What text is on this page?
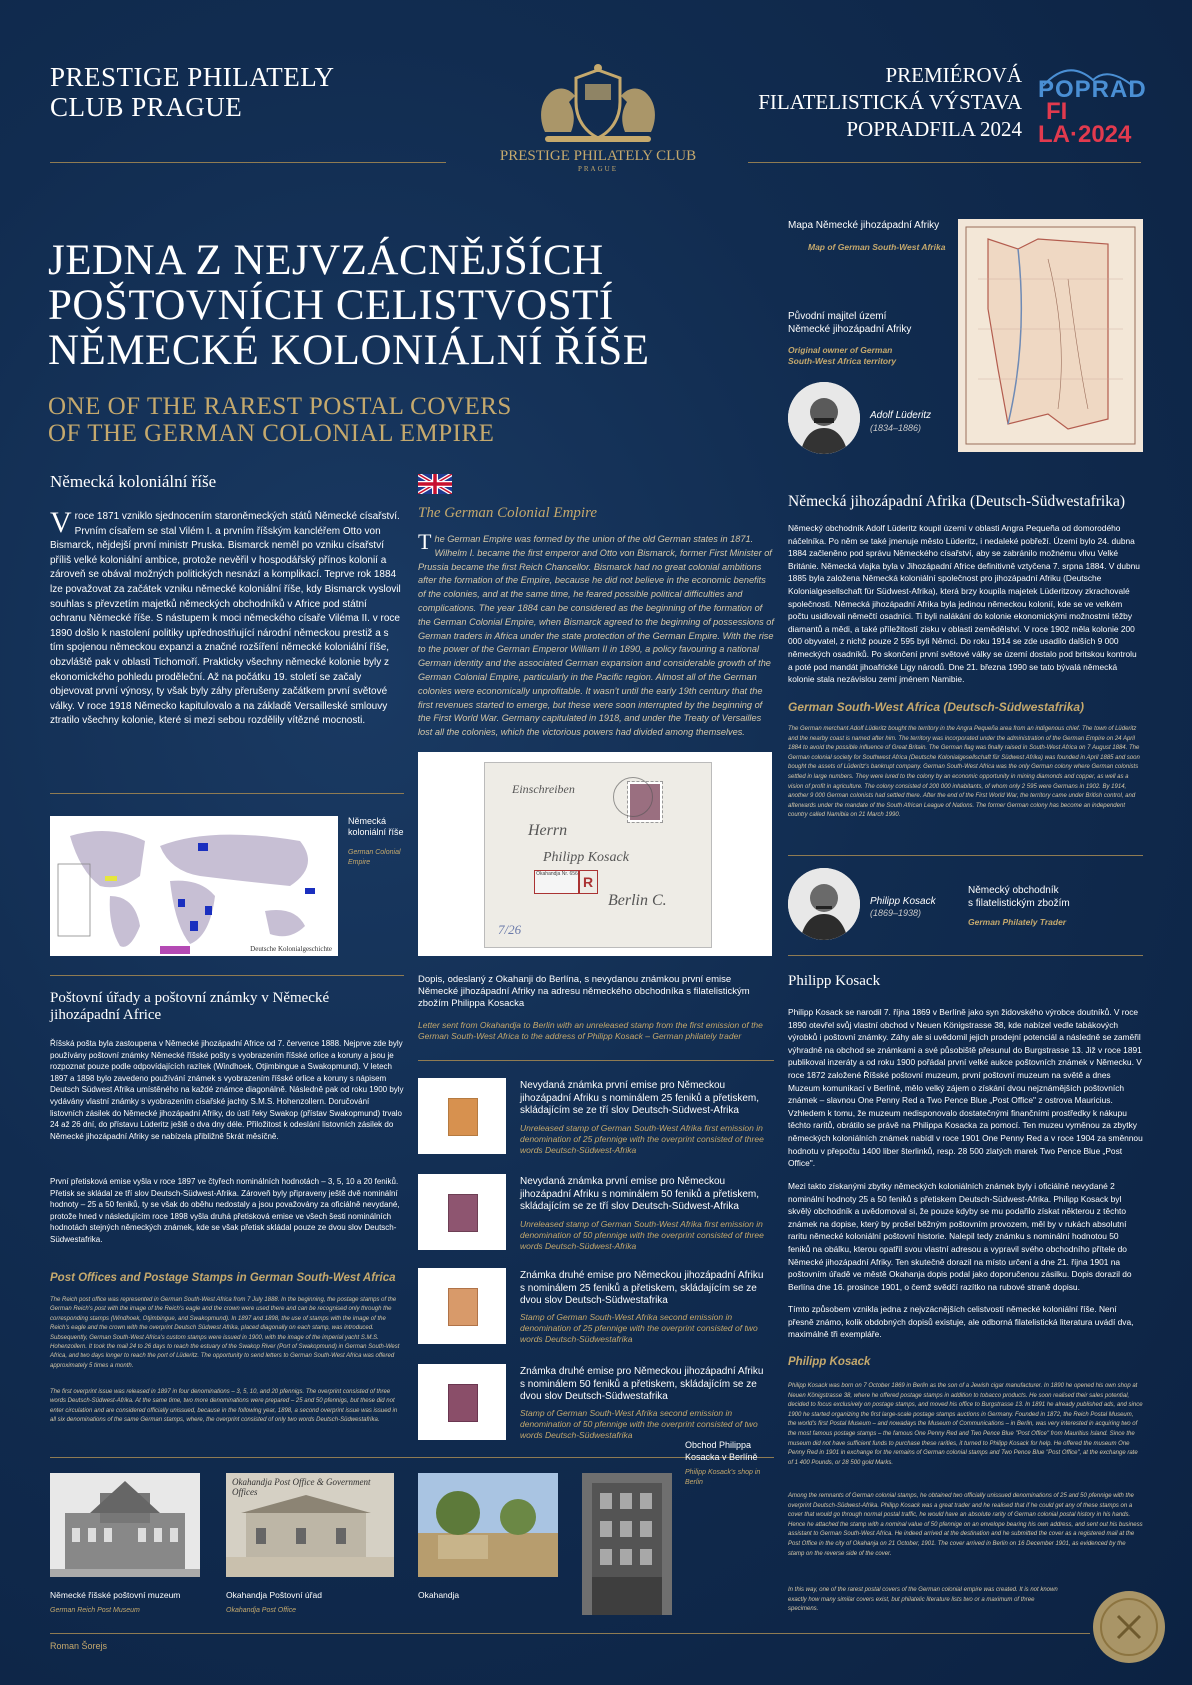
PRESTIGE PHILATELY
CLUB PRAGUE
PRESTIGE PHILATELY CLUB
PRAGUE
PREMIÉROVÁ
FILATELISTICKÁ VÝSTAVA
POPRADFILA 2024
POPRAD
FI
LA·2024
JEDNA Z NEJVZÁCNĚJŠÍCH
POŠTOVNÍCH CELISTVOSTÍ
NĚMECKÉ KOLONIÁLNÍ ŘÍŠE
ONE OF THE RAREST POSTAL COVERS
OF THE GERMAN COLONIAL EMPIRE
Německá koloniální říše
Vroce 1871 vzniklo sjednocením staroněmeckých států Německé císařství. Prvním císařem se stal Vilém I. a prvním říšským kancléřem Otto von Bismarck, nějdejší první ministr Pruska. Bismarck neměl po vzniku císařství příliš velké koloniální ambice, protože nevěřil v hospodářský přínos kolonií a zároveň se obával možných politických nesnází a komplikací. Teprve rok 1884 lze považovat za začátek vzniku německé koloniální říše, kdy Bismarck vyslovil souhlas s převzetím majetků německých obchodníků v Africe pod státní ochranu Německé říše. S nástupem k moci německého císaře Viléma II. v roce 1890 došlo k nastolení politiky upřednostňující národní německou prestiž a s tím spojenou německou expanzi a značné rozšíření německé koloniální říše, obzvláště pak v oblasti Tichomoří. Prakticky všechny německé kolonie byly z ekonomického pohledu proděleční. Až na počátku 19. století se začaly objevovat první výnosy, ty však byly záhy přerušeny začátkem první světové války. V roce 1918 Německo kapitulovalo a na základě Versailleské smlouvy ztratilo všechny kolonie, které si mezi sebou rozdělily vítězné mocnosti.
Deutsche Kolonialgeschichte
Německá koloniální říše
German Colonial Empire
Poštovní úřady a poštovní známky v Německé jihozápadní Africe
Říšská pošta byla zastoupena v Německé jihozápadní Africe od 7. července 1888. Nejprve zde byly používány poštovní známky Německé říšské pošty s vyobrazením říšské orlice a koruny a jsou je rozpoznat pouze podle odpovídajících razítek (Windhoek, Otjimbingue a Swakopmund). V letech 1897 a 1898 bylo zavedeno používání známek s vyobrazením říšské orlice a koruny s nápisem Deutsch Südwest Afrika umístěného na každé známce diagonálně. Následně pak od roku 1900 byly vydávány vlastní známky s vyobrazením císařské jachty S.M.S. Hohenzollern. Doručování listovních zásilek do Německé jihozápadní Afriky, do ústí řeky Swakop (přístav Swakopmund) trvalo 24 až 26 dní, do přístavu Lüderitz ještě o dva dny déle. Přiložitost k odeslání listovních zásilek do Německé jihozápadní Afriky se nabízela přibližně 5krát měsíčně.
První přetisková emise vyšla v roce 1897 ve čtyřech nominálních hodnotách – 3, 5, 10 a 20 feniků. Přetisk se skládal ze tří slov Deutsch-Südwest-Afrika. Zároveň byly připraveny ještě dvě nominální hodnoty – 25 a 50 feniků, ty se však do oběhu nedostaly a jsou považovány za oficiálně nevydané, protože hned v následujícím roce 1898 vyšla druhá přetisková emise ve všech šesti nominálních hodnotách stejných německých známek, kde se však přetisk skládal pouze ze dvou slov Deutsch-Südwestafrika.
Post Offices and Postage Stamps in German South-West Africa
The Reich post office was represented in German South-West Africa from 7 July 1888. In the beginning, the postage stamps of the German Reich's post with the image of the Reich's eagle and the crown were used there and can be recognised only through the corresponding stamps (Windhoek, Otjimbingue, and Swakopmund). In 1897 and 1898, the use of stamps with the image of the Reich's eagle and the crown with the overprint Deutsch Südwest Afrika, placed diagonally on each stamp, was introduced. Subsequently, German South-West Africa's custom stamps were issued in 1900, with the image of the imperial yacht S.M.S. Hohenzollern. It took the mail 24 to 26 days to reach the estuary of the Swakop River (Port of Swakopmund) in German South-West Africa, and two days longer to reach the port of Lüderitz. The opportunity to send letters to German South-West Africa was offered approximately 5 times a month.
The first overprint issue was released in 1897 in four denominations – 3, 5, 10, and 20 pfennigs. The overprint consisted of three words Deutsch-Südwest-Afrika. At the same time, two more denominations were prepared – 25 and 50 pfennigs, but these did not enter circulation and are considered officially unissued, because in the following year, 1898, a second overprint issue was issued in all six denominations of the same German stamps, where, the overprint consisted of only two words Deutsch-Südwestafrika.
The German Colonial Empire
The German Empire was formed by the union of the old German states in 1871. Wilhelm I. became the first emperor and Otto von Bismarck, former First Minister of Prussia became the first Reich Chancellor. Bismarck had no great colonial ambitions after the formation of the Empire, because he did not believe in the economic benefits of the colonies, and at the same time, he feared possible political difficulties and complications. The year 1884 can be considered as the beginning of the formation of the German Colonial Empire, when Bismarck agreed to the beginning of possessions of German traders in Africa under the state protection of the German Empire. With the rise to the power of the German Emperor William II in 1890, a policy favouring a national German identity and the associated German expansion and considerable growth of the German Colonial Empire, particularly in the Pacific region. Almost all of the German colonies were economically unprofitable. It wasn't until the early 19th century that the first revenues started to emerge, but these were soon interrupted by the beginning of the First World War. Germany capitulated in 1918, and under the Treaty of Versailles lost all the colonies, which the victorious powers had divided among themselves.
Einschreiben
Herrn
Philipp Kosack
Berlin C.
Okahandja Nr. 656 R
7/26
Dopis, odeslaný z Okahanji do Berlína, s nevydanou známkou první emise Německé jihozápadní Afriky na adresu německého obchodníka s filatelistickým zbožím Philippa Kosacka
Letter sent from Okahandja to Berlin with an unreleased stamp from the first emission of the German South-West Africa to the address of Philipp Kosack – German philately trader
Nevydaná známka první emise pro Německou jihozápadní Afriku s nominálem 25 feniků a přetiskem, skládajícím se ze tří slov Deutsch-Südwest-Afrika
Unreleased stamp of German South-West Afrika first emission in denomination of 25 pfennige with the overprint consisted of three words Deutsch-Südwest-Afrika
Nevydaná známka první emise pro Německou jihozápadní Afriku s nominálem 50 feniků a přetiskem, skládajícím se ze tří slov Deutsch-Südwest-Afrika
Unreleased stamp of German South-West Afrika first emission in denomination of 50 pfennige with the overprint consisted of three words Deutsch-Südwest-Afrika
Známka druhé emise pro Německou jihozápadní Afriku s nominálem 25 feniků a přetiskem, skládajícím se ze dvou slov Deutsch-Südwestafrika
Stamp of German South-West Afrika second emission in denomination of 25 pfennige with the overprint consisted of two words Deutsch-Südwestafrika
Známka druhé emise pro Německou jihozápadní Afriku s nominálem 50 feniků a přetiskem, skládajícím se ze dvou slov Deutsch-Südwestafrika
Stamp of German South-West Afrika second emission in denomination of 50 pfennige with the overprint consisted of two words Deutsch-Südwestafrika
Okahandja Post Office & Government Offices
Obchod Philippa Kosacka v Berlíně
Philipp Kosack's shop in Berlin
Německé říšské poštovní muzeum
German Reich Post Museum
Okahandja Poštovní úřad
Okahandja Post Office
Okahandja
Mapa Německé jihozápadní Afriky
Map of German South-West Afrika
Původní majitel území
Německé jihozápadní Afriky
Original owner of German
South-West Africa territory
Adolf Lüderitz
(1834–1886)
Německá jihozápadní Afrika (Deutsch-Südwestafrika)
Německý obchodník Adolf Lüderitz koupil území v oblasti Angra Pequeña od domorodého náčelníka. Po něm se také jmenuje město Lüderitz, i nedaleké pobřeží. Území bylo 24. dubna 1884 začleněno pod správu Německého císařství, aby se zabránilo možnému vlivu Velké Británie. Německá vlajka byla v Jihozápadní Africe definitivně vztyčena 7. srpna 1884. V dubnu 1885 byla založena Německá koloniální společnost pro jihozápadní Afriku (Deutsche Kolonialgesellschaft für Südwest-Afrika), která brzy koupila majetek Lüderitzovy zkrachovalé společnosti. Německá jihozápadní Afrika byla jedinou německou kolonií, kde se ve velkém počtu usidlovali němečtí osadníci. Ti byli nalákání do kolonie ekonomickými možnostmi těžby diamantů a mědi, a také příležitostí zisku v oblasti zemědělství. V roce 1902 měla kolonie 200 000 obyvatel, z nichž pouze 2 595 byli Němci. Do roku 1914 se zde usadilo dalších 9 000 německých osadníků. Po skončení první světové války se území dostalo pod britskou kontrolu a poté pod mandát jihoafrické Ligy národů. Dne 21. března 1990 se tato bývalá německá kolonie stala nezávislou zemí jménem Namibie.
German South-West Africa (Deutsch-Südwestafrika)
The German merchant Adolf Lüderitz bought the territory in the Angra Pequeña area from an indigenous chief. The town of Lüderitz and the nearby coast is named after him. The territory was incorporated under the administration of the German Empire on 24 April 1884 to avoid the possible influence of Great Britain. The German flag was finally raised in South-West Africa on 7 August 1884. The German colonial society for Southwest Africa (Deutsche Kolonialgesellschaft für Südwest Afrika) was founded in April 1885 and soon bought the assets of Lüderitz's bankrupt company. German South-West Africa was the only German colony where German colonists settled in large numbers. They were lured to the colony by an economic opportunity in mining diamonds and copper, as well as a vision of profit in agriculture. The colony consisted of 200 000 inhabitants, of whom only 2 595 were Germans in 1902. By 1914, another 9 000 German colonists had settled there. After the end of the First World War, the territory came under British control, and afterwards under the mandate of the South African League of Nations. The former German colony has become an independent country called Namibia on 21 March 1990.
Philipp Kosack
(1869–1938)
Německý obchodník
s filatelistickým zbožím
German Philately Trader
Philipp Kosack
Philipp Kosack se narodil 7. října 1869 v Berlíně jako syn židovského výrobce doutníků. V roce 1890 otevřel svůj vlastní obchod v Neuen Königstrasse 38, kde nabízel vedle tabákových výrobků i poštovní známky. Záhy ale si uvědomil jejich prodejní potenciál a následně se zaměřil výhradně na obchod se známkami a své působiště přesunul do Burgstrasse 13. Již v roce 1891 publikoval inzeráty a od roku 1900 pořádal první velké aukce poštovních známek v Německu. V roce 1872 založené Říšské poštovní muzeum, první poštovní muzeum na světě a dnes Muzeum komunikací v Berlíně, mělo velký zájem o získání dvou nejznámějších poštovních známek – slavnou One Penny Red a Two Pence Blue „Post Office" z ostrova Mauricius. Vzhledem k tomu, že muzeum nedisponovalo dostatečnými finančními prostředky k nákupu těchto raritů, obrátilo se právě na Philippa Kosacka za pomocí. Ten muzeu vyměnou za zbytky německých koloniálních známek nabídl v roce 1901 One Penny Red a v roce 1904 za směnnou hodnotu v přepočtu 1400 liber šterlinků, resp. 28 500 zlatých marek Two Pence Blue „Post Office".
Mezi takto získanými zbytky německých koloniálních známek byly i oficiálně nevydané 2 nominální hodnoty 25 a 50 feniků s přetiskem Deutsch-Südwest-Afrika. Philipp Kosack byl skvělý obchodník a uvědomoval si, že pouze kdyby se mu podařilo získat některou z těchto známek na dopise, který by prošel běžným poštovním provozem, měl by v rukách absolutní raritu německé koloniální poštovní historie. Nalepil tedy známku s nominální hodnotou 50 feniků na obálku, kterou opatřil svou vlastní adresou a vypravil svého obchodního přítele do Německé jihozápadní Afriky. Ten skutečně dorazil na místo určení a dne 21. října 1901 na poštovním úřadě ve městě Okahanja dopis podal jako doporučenou zásilku. Dopis dorazil do Berlína dne 16. prosince 1901, o čemž svědčí razítko na rubové straně dopisu.
Tímto způsobem vznikla jedna z nejvzácnějších celistvostí německé koloniální říše. Není přesně známo, kolik obdobných dopisů existuje, ale odborná filatelistická literatura uvádí dva, maximálně tři exempláře.
Philipp Kosack
Philipp Kosack was born on 7 October 1869 in Berlin as the son of a Jewish cigar manufacturer. In 1890 he opened his own shop at Neuen Königstrasse 38, where he offered postage stamps in addition to tobacco products. He soon realised their sales potential, decided to focus exclusively on postage stamps, and moved his office to Burgstrasse 13. In 1891 he already published ads, and since 1900 he started organizing the first large-scale postage stamps auctions in Germany. Founded in 1872, the Reich Postal Museum, the world's first Postal Museum – and nowadays the Museum of Communications – in Berlin, was very interested in acquiring two of the most famous postage stamps – the famous One Penny Red and Two Pence Blue "Post Office" from Mauritius Island. Since the museum did not have sufficient funds to purchase these rarities, it turned to Philipp Kosack for help. He offered the museum One Penny Red in 1901 in exchange for the remains of German colonial stamps and Two Pence Blue "Post Office", at the exchange rate of 1 400 Pounds, or 28 500 gold Marks.
Among the remnants of German colonial stamps, he obtained two officially unissued denominations of 25 and 50 pfennige with the overprint Deutsch-Südwest-Afrika. Philipp Kosack was a great trader and he realised that if he could get any of these stamps on a cover that would go through normal postal traffic, he would have an absolute rarity of German colonial postal history in his hands. Hence he attached the stamp with a nominal value of 50 pfennige on an envelope bearing his own address, and sent out his business assistant to German South-West Africa. He indeed arrived at the destination and he submitted the cover as a registered mail at the Post Office in the city of Okahanja on 21 October, 1901. The cover arrived in Berlin on 16 December 1901, as evidenced by the stamp on the reverse side of the cover.
In this way, one of the rarest postal covers of the German colonial empire was created. It is not known exactly how many similar covers exist, but philatelic literature lists two or a maximum of three specimens.
Roman Šorejs
